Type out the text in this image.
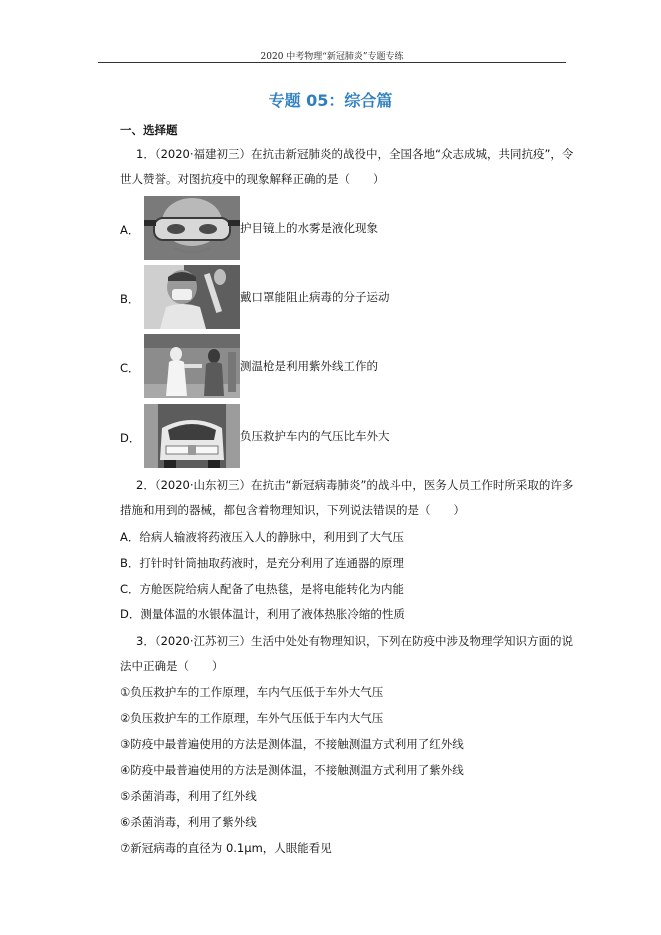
2020 中考物理“新冠肺炎”专题专练
专题 05：综合篇
一、选择题
1．（2020·福建初三）在抗击新冠肺炎的战役中，全国各地“众志成城，共同抗疫”，令
世人赞誉。对图抗疫中的现象解释正确的是（　　）
A．	护目镜上的水雾是液化现象
B．	戴口罩能阻止病毒的分子运动
C．	测温枪是利用紫外线工作的
D．	负压救护车内的气压比车外大
2．（2020·山东初三）在抗击“新冠病毒肺炎”的战斗中，医务人员工作时所采取的许多
措施和用到的器械，都包含着物理知识，下列说法错误的是（　　）
A．给病人输液将药液压入人的静脉中，利用到了大气压
B．打针时针筒抽取药液时，是充分利用了连通器的原理
C．方舱医院给病人配备了电热毯，是将电能转化为内能
D．测量体温的水银体温计，利用了液体热胀冷缩的性质
3．（2020·江苏初三）生活中处处有物理知识，下列在防疫中涉及物理学知识方面的说
法中正确是（　　）
①负压救护车的工作原理，车内气压低于车外大气压
②负压救护车的工作原理，车外气压低于车内大气压
③防疫中最普遍使用的方法是测体温，不接触测温方式利用了红外线
④防疫中最普遍使用的方法是测体温，不接触测温方式利用了紫外线
⑤杀菌消毒，利用了红外线
⑥杀菌消毒，利用了紫外线
⑦新冠病毒的直径为 0.1μm，人眼能看见
